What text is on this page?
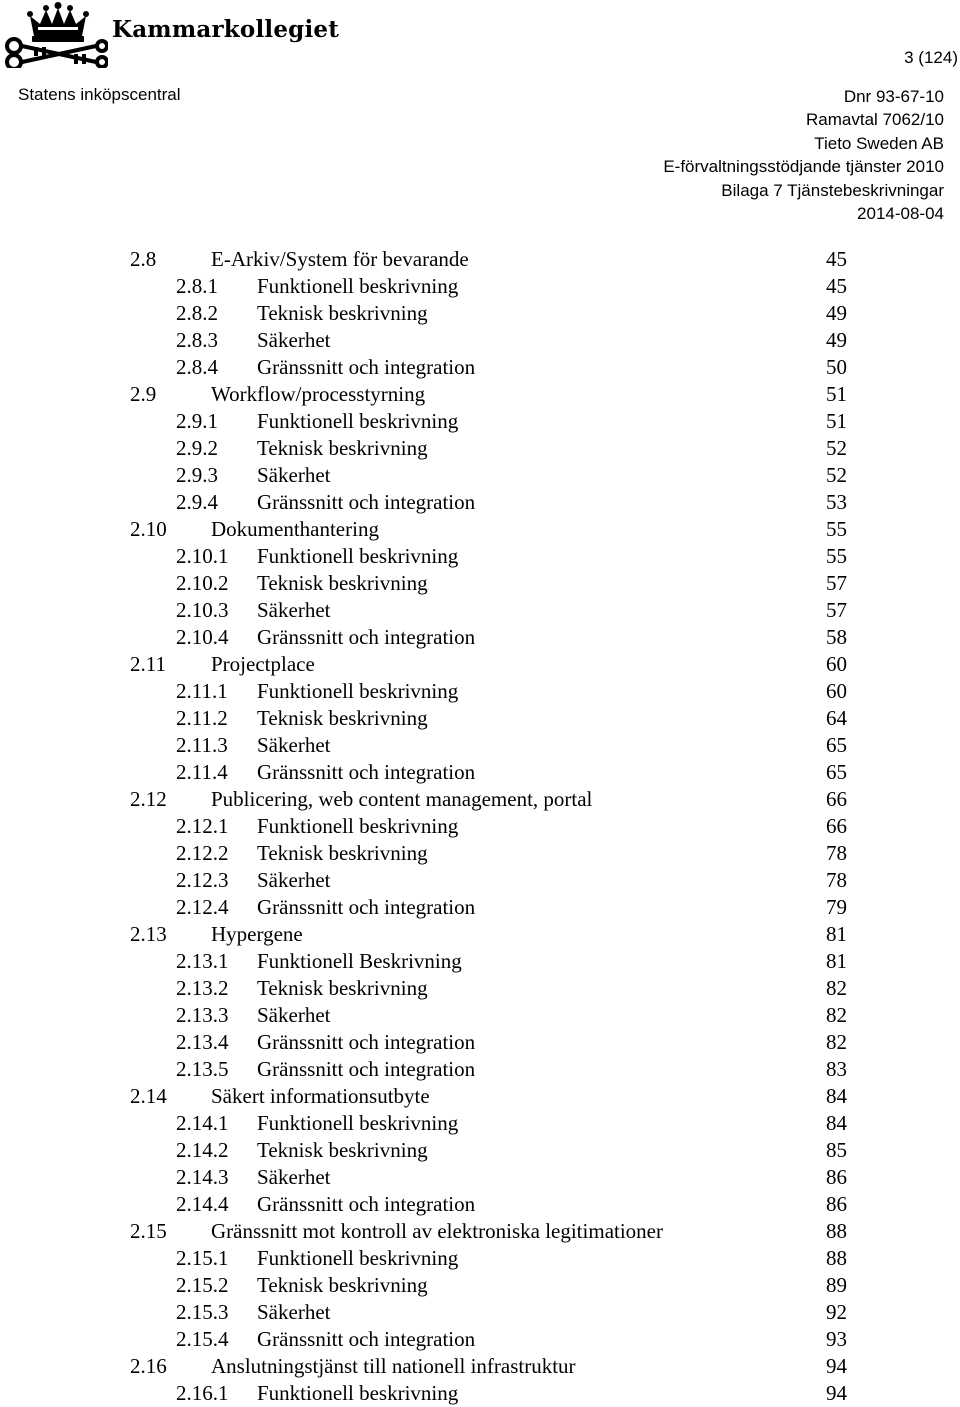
Kammarkollegiet
3 (124)
Statens inköpscentral	Dnr 93-67-10
Ramavtal 7062/10
Tieto Sweden AB
E-förvaltningsstödjande tjänster 2010
Bilaga 7 Tjänstebeskrivningar
2014-08-04
2.8	E-Arkiv/System för bevarande	45
2.8.1 Funktionell beskrivning	45
2.8.2 Teknisk beskrivning	49
2.8.3 Säkerhet	49
2.8.4 Gränssnitt och integration	50
2.9	Workflow/processtyrning	51
2.9.1 Funktionell beskrivning	51
2.9.2 Teknisk beskrivning	52
2.9.3 Säkerhet	52
2.9.4 Gränssnitt och integration	53
2.10 Dokumenthantering	55
2.10.1 Funktionell beskrivning	55
2.10.2 Teknisk beskrivning	57
2.10.3 Säkerhet	57
2.10.4 Gränssnitt och integration	58
2.11 Projectplace	60
2.11.1 Funktionell beskrivning	60
2.11.2 Teknisk beskrivning	64
2.11.3 Säkerhet	65
2.11.4 Gränssnitt och integration	65
2.12 Publicering, web content management, portal	66
2.12.1 Funktionell beskrivning	66
2.12.2 Teknisk beskrivning	78
2.12.3 Säkerhet	78
2.12.4 Gränssnitt och integration	79
2.13 Hypergene	81
2.13.1 Funktionell Beskrivning	81
2.13.2 Teknisk beskrivning	82
2.13.3 Säkerhet	82
2.13.4 Gränssnitt och integration	82
2.13.5 Gränssnitt och integration	83
2.14 Säkert informationsutbyte	84
2.14.1 Funktionell beskrivning	84
2.14.2 Teknisk beskrivning	85
2.14.3 Säkerhet	86
2.14.4 Gränssnitt och integration	86
2.15 Gränssnitt mot kontroll av elektroniska legitimationer	88
2.15.1 Funktionell beskrivning	88
2.15.2 Teknisk beskrivning	89
2.15.3 Säkerhet	92
2.15.4 Gränssnitt och integration	93
2.16 Anslutningstjänst till nationell infrastruktur	94
2.16.1 Funktionell beskrivning	94
